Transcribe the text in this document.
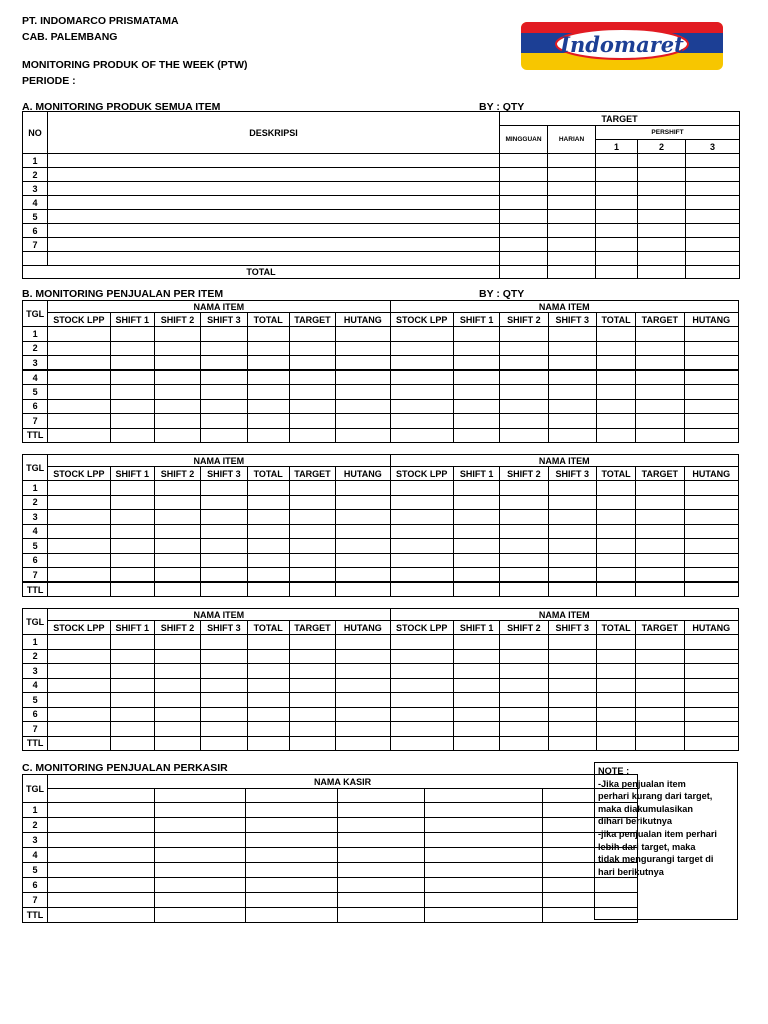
PT. INDOMARCO PRISMATAMA
CAB. PALEMBANG
MONITORING PRODUK OF THE WEEK (PTW)
PERIODE :
Indomaret
A. MONITORING PRODUK SEMUA ITEM	BY : QTY
NO	DESKRIPSI	TARGET				
		MINGGUAN	HARIAN	PERSHIFT		
				1	2	3
1						
2						
3						
4						
5						
6						
7						

TOTAL						
B. MONITORING PENJUALAN PER ITEM	BY : QTY
TGL	NAMA ITEM							NAMA ITEM						
	STOCK LPP	SHIFT 1	SHIFT 2	SHIFT 3	TOTAL	TARGET	HUTANG	STOCK LPP	SHIFT 1	SHIFT 2	SHIFT 3	TOTAL	TARGET	HUTANG
1														
2														
3														
4														
5														
6														
7														
TTL														
TGL	NAMA ITEM							NAMA ITEM						
	STOCK LPP	SHIFT 1	SHIFT 2	SHIFT 3	TOTAL	TARGET	HUTANG	STOCK LPP	SHIFT 1	SHIFT 2	SHIFT 3	TOTAL	TARGET	HUTANG
1														
2														
3														
4														
5														
6														
7														
TTL														
TGL	NAMA ITEM							NAMA ITEM						
	STOCK LPP	SHIFT 1	SHIFT 2	SHIFT 3	TOTAL	TARGET	HUTANG	STOCK LPP	SHIFT 1	SHIFT 2	SHIFT 3	TOTAL	TARGET	HUTANG
1														
2														
3														
4														
5														
6														
7														
TTL														
C. MONITORING PENJUALAN PERKASIR
TGL	NAMA KASIR					

1						
2						
3						
4						
5						
6						
7						
TTL						

NOTE :

-Jika penjualan item

perhari kurang dari target,

maka diakumulasikan

dihari berikutnya

-jika penjualan item perhari

lebih dari target, maka

tidak mengurangi target di

hari berikutnya
